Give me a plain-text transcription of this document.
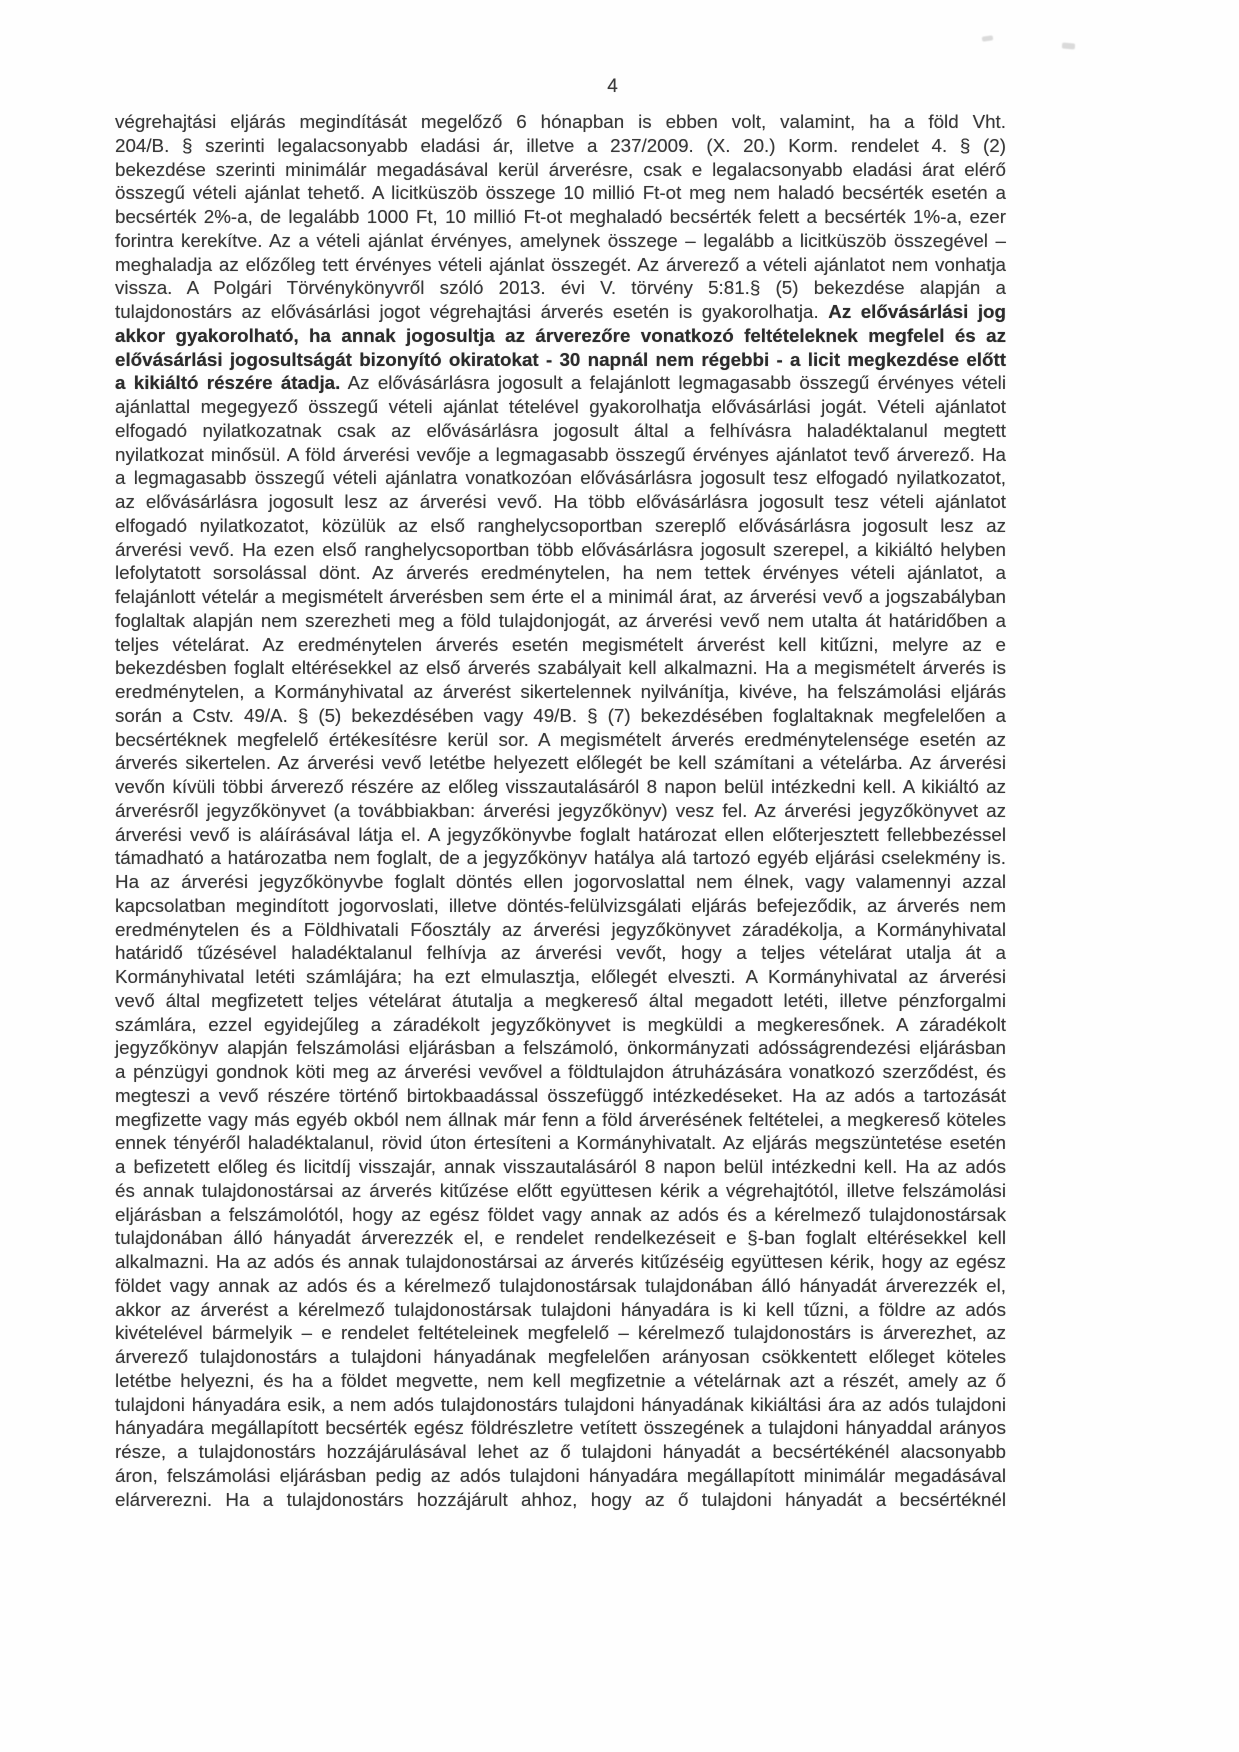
4
végrehajtási eljárás megindítását megelőző 6 hónapban is ebben volt, valamint, ha a föld Vht.
204/B. § szerinti legalacsonyabb eladási ár, illetve a 237/2009. (X. 20.) Korm. rendelet 4. § (2)
bekezdése szerinti minimálár megadásával kerül árverésre, csak e legalacsonyabb eladási árat elérő
összegű vételi ajánlat tehető. A licitküszöb összege 10 millió Ft-ot meg nem haladó becsérték esetén a
becsérték 2%-a, de legalább 1000 Ft, 10 millió Ft-ot meghaladó becsérték felett a becsérték 1%-a, ezer
forintra kerekítve. Az a vételi ajánlat érvényes, amelynek összege – legalább a licitküszöb összegével –
meghaladja az előzőleg tett érvényes vételi ajánlat összegét. Az árverező a vételi ajánlatot nem vonhatja
vissza. A Polgári Törvénykönyvről szóló 2013. évi V. törvény 5:81.§ (5) bekezdése alapján a
tulajdonostárs az elővásárlási jogot végrehajtási árverés esetén is gyakorolhatja. Az elővásárlási jog
akkor gyakorolható, ha annak jogosultja az árverezőre vonatkozó feltételeknek megfelel és az
elővásárlási jogosultságát bizonyító okiratokat - 30 napnál nem régebbi - a licit megkezdése előtt
a kikiáltó részére átadja. Az elővásárlásra jogosult a felajánlott legmagasabb összegű érvényes vételi
ajánlattal megegyező összegű vételi ajánlat tételével gyakorolhatja elővásárlási jogát. Vételi ajánlatot
elfogadó nyilatkozatnak csak az elővásárlásra jogosult által a felhívásra haladéktalanul megtett
nyilatkozat minősül. A föld árverési vevője a legmagasabb összegű érvényes ajánlatot tevő árverező. Ha
a legmagasabb összegű vételi ajánlatra vonatkozóan elővásárlásra jogosult tesz elfogadó nyilatkozatot,
az elővásárlásra jogosult lesz az árverési vevő. Ha több elővásárlásra jogosult tesz vételi ajánlatot
elfogadó nyilatkozatot, közülük az első ranghelycsoportban szereplő elővásárlásra jogosult lesz az
árverési vevő. Ha ezen első ranghelycsoportban több elővásárlásra jogosult szerepel, a kikiáltó helyben
lefolytatott sorsolással dönt. Az árverés eredménytelen, ha nem tettek érvényes vételi ajánlatot, a
felajánlott vételár a megismételt árverésben sem érte el a minimál árat, az árverési vevő a jogszabályban
foglaltak alapján nem szerezheti meg a föld tulajdonjogát, az árverési vevő nem utalta át határidőben a
teljes vételárat. Az eredménytelen árverés esetén megismételt árverést kell kitűzni, melyre az e
bekezdésben foglalt eltérésekkel az első árverés szabályait kell alkalmazni. Ha a megismételt árverés is
eredménytelen, a Kormányhivatal az árverést sikertelennek nyilvánítja, kivéve, ha felszámolási eljárás
során a Cstv. 49/A. § (5) bekezdésében vagy 49/B. § (7) bekezdésében foglaltaknak megfelelően a
becsértéknek megfelelő értékesítésre kerül sor. A megismételt árverés eredménytelensége esetén az
árverés sikertelen. Az árverési vevő letétbe helyezett előlegét be kell számítani a vételárba. Az árverési
vevőn kívüli többi árverező részére az előleg visszautalásáról 8 napon belül intézkedni kell. A kikiáltó az
árverésről jegyzőkönyvet (a továbbiakban: árverési jegyzőkönyv) vesz fel. Az árverési jegyzőkönyvet az
árverési vevő is aláírásával látja el. A jegyzőkönyvbe foglalt határozat ellen előterjesztett fellebbezéssel
támadható a határozatba nem foglalt, de a jegyzőkönyv hatálya alá tartozó egyéb eljárási cselekmény is.
Ha az árverési jegyzőkönyvbe foglalt döntés ellen jogorvoslattal nem élnek, vagy valamennyi azzal
kapcsolatban megindított jogorvoslati, illetve döntés-felülvizsgálati eljárás befejeződik, az árverés nem
eredménytelen és a Földhivatali Főosztály az árverési jegyzőkönyvet záradékolja, a Kormányhivatal
határidő tűzésével haladéktalanul felhívja az árverési vevőt, hogy a teljes vételárat utalja át a
Kormányhivatal letéti számlájára; ha ezt elmulasztja, előlegét elveszti. A Kormányhivatal az árverési
vevő által megfizetett teljes vételárat átutalja a megkereső által megadott letéti, illetve pénzforgalmi
számlára, ezzel egyidejűleg a záradékolt jegyzőkönyvet is megküldi a megkeresőnek. A záradékolt
jegyzőkönyv alapján felszámolási eljárásban a felszámoló, önkormányzati adósságrendezési eljárásban
a pénzügyi gondnok köti meg az árverési vevővel a földtulajdon átruházására vonatkozó szerződést, és
megteszi a vevő részére történő birtokbaadással összefüggő intézkedéseket. Ha az adós a tartozását
megfizette vagy más egyéb okból nem állnak már fenn a föld árverésének feltételei, a megkereső köteles
ennek tényéről haladéktalanul, rövid úton értesíteni a Kormányhivatalt. Az eljárás megszüntetése esetén
a befizetett előleg és licitdíj visszajár, annak visszautalásáról 8 napon belül intézkedni kell. Ha az adós
és annak tulajdonostársai az árverés kitűzése előtt együttesen kérik a végrehajtótól, illetve felszámolási
eljárásban a felszámolótól, hogy az egész földet vagy annak az adós és a kérelmező tulajdonostársak
tulajdonában álló hányadát árverezzék el, e rendelet rendelkezéseit e §-ban foglalt eltérésekkel kell
alkalmazni. Ha az adós és annak tulajdonostársai az árverés kitűzéséig együttesen kérik, hogy az egész
földet vagy annak az adós és a kérelmező tulajdonostársak tulajdonában álló hányadát árverezzék el,
akkor az árverést a kérelmező tulajdonostársak tulajdoni hányadára is ki kell tűzni, a földre az adós
kivételével bármelyik – e rendelet feltételeinek megfelelő – kérelmező tulajdonostárs is árverezhet, az
árverező tulajdonostárs a tulajdoni hányadának megfelelően arányosan csökkentett előleget köteles
letétbe helyezni, és ha a földet megvette, nem kell megfizetnie a vételárnak azt a részét, amely az ő
tulajdoni hányadára esik, a nem adós tulajdonostárs tulajdoni hányadának kikiáltási ára az adós tulajdoni
hányadára megállapított becsérték egész földrészletre vetített összegének a tulajdoni hányaddal arányos
része, a tulajdonostárs hozzájárulásával lehet az ő tulajdoni hányadát a becsértékénél alacsonyabb
áron, felszámolási eljárásban pedig az adós tulajdoni hányadára megállapított minimálár megadásával
elárverezni. Ha a tulajdonostárs hozzájárult ahhoz, hogy az ő tulajdoni hányadát a becsértéknél
